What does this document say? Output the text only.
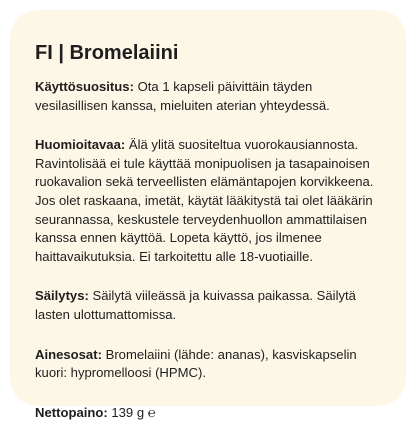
FI | Bromelaiini

Käyttösuositus: Ota 1 kapseli päivittäin täyden vesilasillisen kanssa, mieluiten aterian yhteydessä.

Huomioitavaa: Älä ylitä suositeltua vuorokausiannosta. Ravintolisää ei tule käyttää monipuolisen ja tasapainoisen ruokavalion sekä terveellisten elämäntapojen korvikkeena. Jos olet raskaana, imetät, käytät lääkitystä tai olet lääkärin seurannassa, keskustele terveydenhuollon ammattilaisen kanssa ennen käyttöä. Lopeta käyttö, jos ilmenee haittavaikutuksia. Ei tarkoitettu alle 18-vuotiaille.

Säilytys: Säilytä viileässä ja kuivassa paikassa. Säilytä lasten ulottumattomissa.

Ainesosat: Bromelaiini (lähde: ananas), kasviskapselin kuori: hypromelloosi (HPMC).

Nettopaino: 139 g ℮
